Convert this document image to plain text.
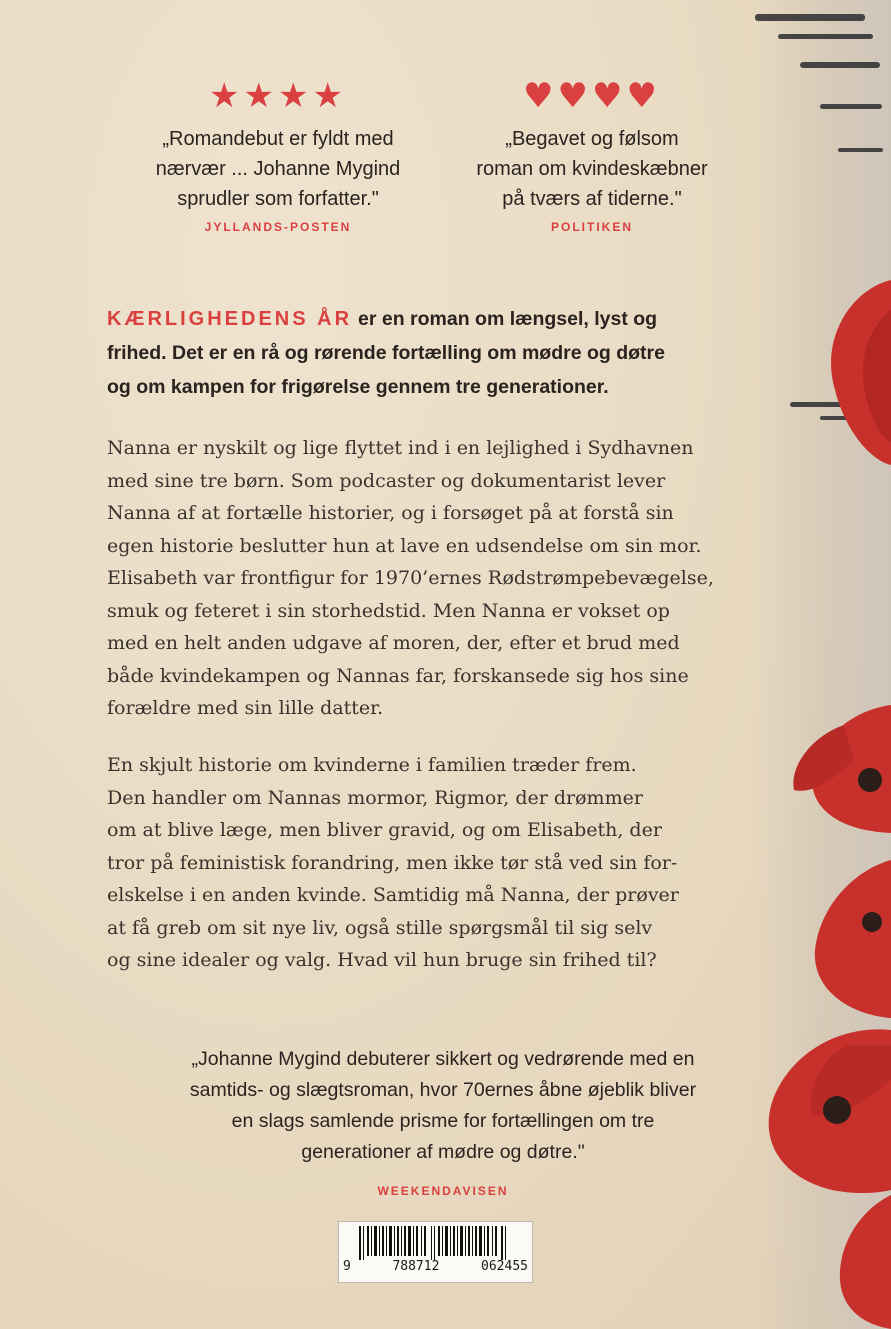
★★★★
„Romandebut er fyldt med
nærvær ... Johanne Mygind
sprudler som forfatter."
JYLLANDS-POSTEN
♥♥♥♥
„Begavet og følsom
roman om kvindeskæbner
på tværs af tiderne."
POLITIKEN
KÆRLIGHEDENS ÅR er en roman om længsel, lyst og
frihed. Det er en rå og rørende fortælling om mødre og døtre
og om kampen for frigørelse gennem tre generationer.
Nanna er nyskilt og lige flyttet ind i en lejlighed i Sydhavnen
med sine tre børn. Som podcaster og dokumentarist lever
Nanna af at fortælle historier, og i forsøget på at forstå sin
egen historie beslutter hun at lave en udsendelse om sin mor.
Elisabeth var frontfigur for 1970’ernes Rødstrømpebevægelse,
smuk og feteret i sin storhedstid. Men Nanna er vokset op
med en helt anden udgave af moren, der, efter et brud med
både kvindekampen og Nannas far, forskansede sig hos sine
forældre med sin lille datter.
En skjult historie om kvinderne i familien træder frem.
Den handler om Nannas mormor, Rigmor, der drømmer
om at blive læge, men bliver gravid, og om Elisabeth, der
tror på feministisk forandring, men ikke tør stå ved sin for-
elskelse i en anden kvinde. Samtidig må Nanna, der prøver
at få greb om sit nye liv, også stille spørgsmål til sig selv
og sine idealer og valg. Hvad vil hun bruge sin frihed til?
„Johanne Mygind debuterer sikkert og vedrørende med en
samtids- og slægtsroman, hvor 70ernes åbne øjeblik bliver
en slags samlende prisme for fortællingen om tre
generationer af mødre og døtre."
WEEKENDAVISEN
9	788712	062455
